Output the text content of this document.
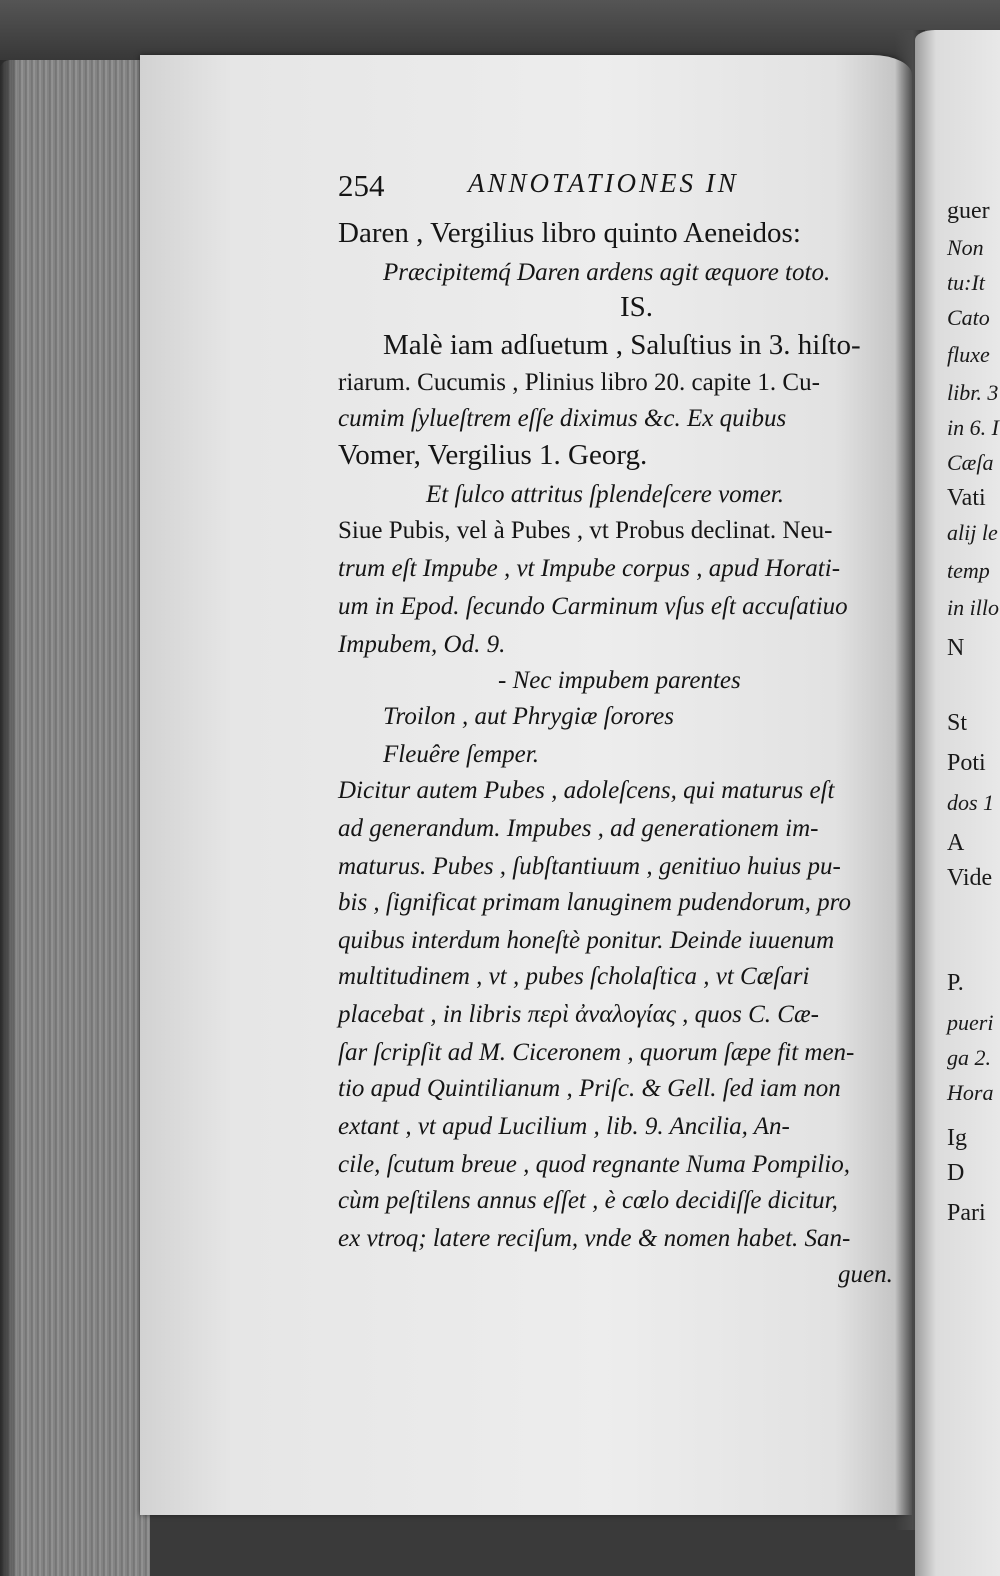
guer
Non
tu:It
Cato
fluxe
libr. 3
in 6. I
Cæſa
Vati
alij le
temp
in illo
N
St
Poti
dos 1
A
Vide
P.
pueri
ga 2.
Hora
Ig
D
Pari
254	ANNOTATIONES IN
Daren , Vergilius libro quinto Aeneidos:
Præcipitemq́ Daren ardens agit æquore toto.
IS.
Malè iam adſuetum , Saluſtius in 3. hiſto-
riarum. Cucumis , Plinius libro 20. capite 1. Cu-
cumim ſylueſtrem eſſe diximus &c. Ex quibus
Vomer, Vergilius 1. Georg.
Et ſulco attritus ſplendeſcere vomer.
Siue Pubis, vel à Pubes , vt Probus declinat. Neu-
trum eſt Impube , vt Impube corpus , apud Horati-
um in Epod. ſecundo Carminum vſus eſt accuſatiuo
Impubem, Od. 9.
- Nec impubem parentes
Troilon , aut Phrygiæ ſorores
Fleuêre ſemper.
Dicitur autem Pubes , adoleſcens, qui maturus eſt
ad generandum. Impubes , ad generationem im-
maturus. Pubes , ſubſtantiuum , genitiuo huius pu-
bis , ſignificat primam lanuginem pudendorum, pro
quibus interdum honeſtè ponitur. Deinde iuuenum
multitudinem , vt , pubes ſcholaſtica , vt Cæſari
placebat , in libris περὶ ἀναλογίας , quos C. Cæ-
ſar ſcripſit ad M. Ciceronem , quorum ſæpe fit men-
tio apud Quintilianum , Priſc. & Gell. ſed iam non
extant , vt apud Lucilium , lib. 9. Ancilia, An-
cile, ſcutum breue , quod regnante Numa Pompilio,
cùm peſtilens annus eſſet , è cœlo decidiſſe dicitur,
ex vtroq; latere reciſum, vnde & nomen habet. San-
guen.
